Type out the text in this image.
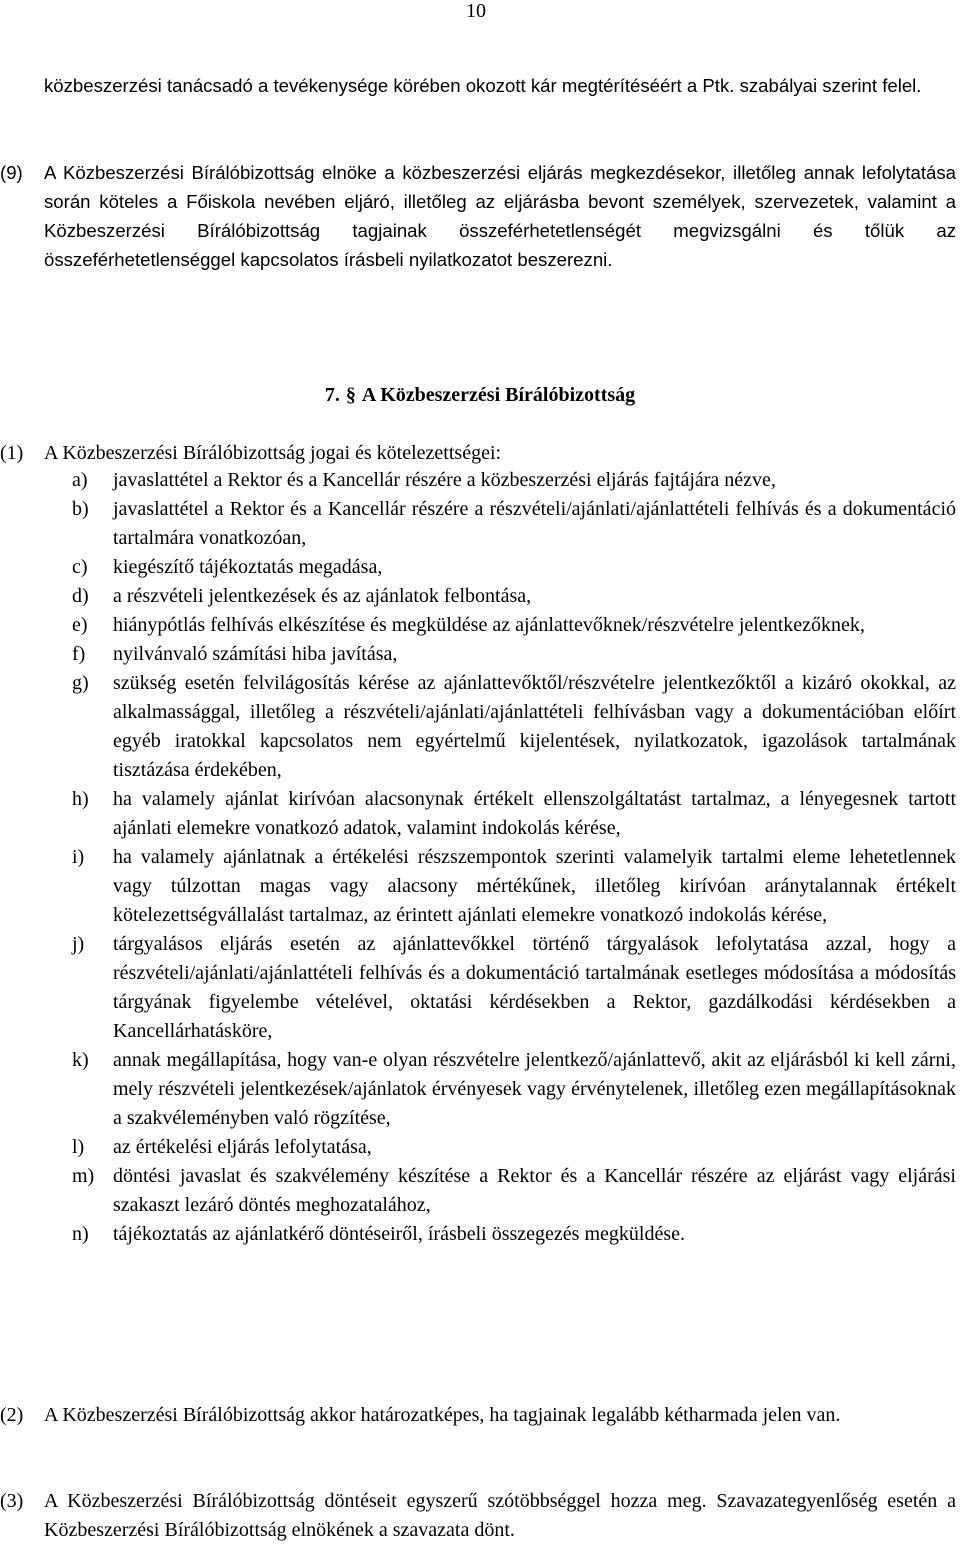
10

közbeszerzési tanácsadó a tevékenysége körében okozott kár megtérítéséért a Ptk. szabályai szerint felel.

(9)	A Közbeszerzési Bírálóbizottság elnöke a közbeszerzési eljárás megkezdésekor, illetőleg annak lefolytatása során köteles a Főiskola nevében eljáró, illetőleg az eljárásba bevont személyek, szervezetek, valamint a Közbeszerzési Bírálóbizottság tagjainak összeférhetetlenségét megvizsgálni és tőlük az összeférhetetlenséggel kapcsolatos írásbeli nyilatkozatot beszerezni.
7. § A Közbeszerzési Bírálóbizottság
(1)	A Közbeszerzési Bírálóbizottság jogai és kötelezettségei:
a)	javaslattétel a Rektor és a Kancellár részére a közbeszerzési eljárás fajtájára nézve,
b)	javaslattétel a Rektor és a Kancellár részére a részvételi/ajánlati/ajánlattételi felhívás és a dokumentáció tartalmára vonatkozóan,
c)	kiegészítő tájékoztatás megadása,
d)	a részvételi jelentkezések és az ajánlatok felbontása,
e)	hiánypótlás felhívás elkészítése és megküldése az ajánlattevőknek/részvételre jelentkezőknek,
f)	nyilvánvaló számítási hiba javítása,
g)	szükség esetén felvilágosítás kérése az ajánlattevőktől/részvételre jelentkezőktől a kizáró okokkal, az alkalmassággal, illetőleg a részvételi/ajánlati/ajánlattételi felhívásban vagy a dokumentációban előírt egyéb iratokkal kapcsolatos nem egyértelmű kijelentések, nyilatkozatok, igazolások tartalmának tisztázása érdekében,
h)	ha valamely ajánlat kirívóan alacsonynak értékelt ellenszolgáltatást tartalmaz, a lényegesnek tartott ajánlati elemekre vonatkozó adatok, valamint indokolás kérése,
i)	ha valamely ajánlatnak a értékelési részszempontok szerinti valamelyik tartalmi eleme lehetetlennek vagy túlzottan magas vagy alacsony mértékűnek, illetőleg kirívóan aránytalannak értékelt kötelezettségvállalást tartalmaz, az érintett ajánlati elemekre vonatkozó indokolás kérése,
j)	tárgyalásos eljárás esetén az ajánlattevőkkel történő tárgyalások lefolytatása azzal, hogy a részvételi/ajánlati/ajánlattételi felhívás és a dokumentáció tartalmának esetleges módosítása a módosítás tárgyának figyelembe vételével, oktatási kérdésekben a Rektor, gazdálkodási kérdésekben a Kancellárhatásköre,
k)	annak megállapítása, hogy van-e olyan részvételre jelentkező/ajánlattevő, akit az eljárásból ki kell zárni, mely részvételi jelentkezések/ajánlatok érvényesek vagy érvénytelenek, illetőleg ezen megállapításoknak a szakvéleményben való rögzítése,
l)	az értékelési eljárás lefolytatása,
m) döntési javaslat és szakvélemény készítése a Rektor és a Kancellár részére az eljárást vagy eljárási szakaszt lezáró döntés meghozatalához,
n)	tájékoztatás az ajánlatkérő döntéseiről, írásbeli összegezés megküldése.
(2)	A Közbeszerzési Bírálóbizottság akkor határozatképes, ha tagjainak legalább kétharmada jelen van.
(3)	A Közbeszerzési Bírálóbizottság döntéseit egyszerű szótöbbséggel hozza meg. Szavazategyenlőség esetén a Közbeszerzési Bírálóbizottság elnökének a szavazata dönt.
